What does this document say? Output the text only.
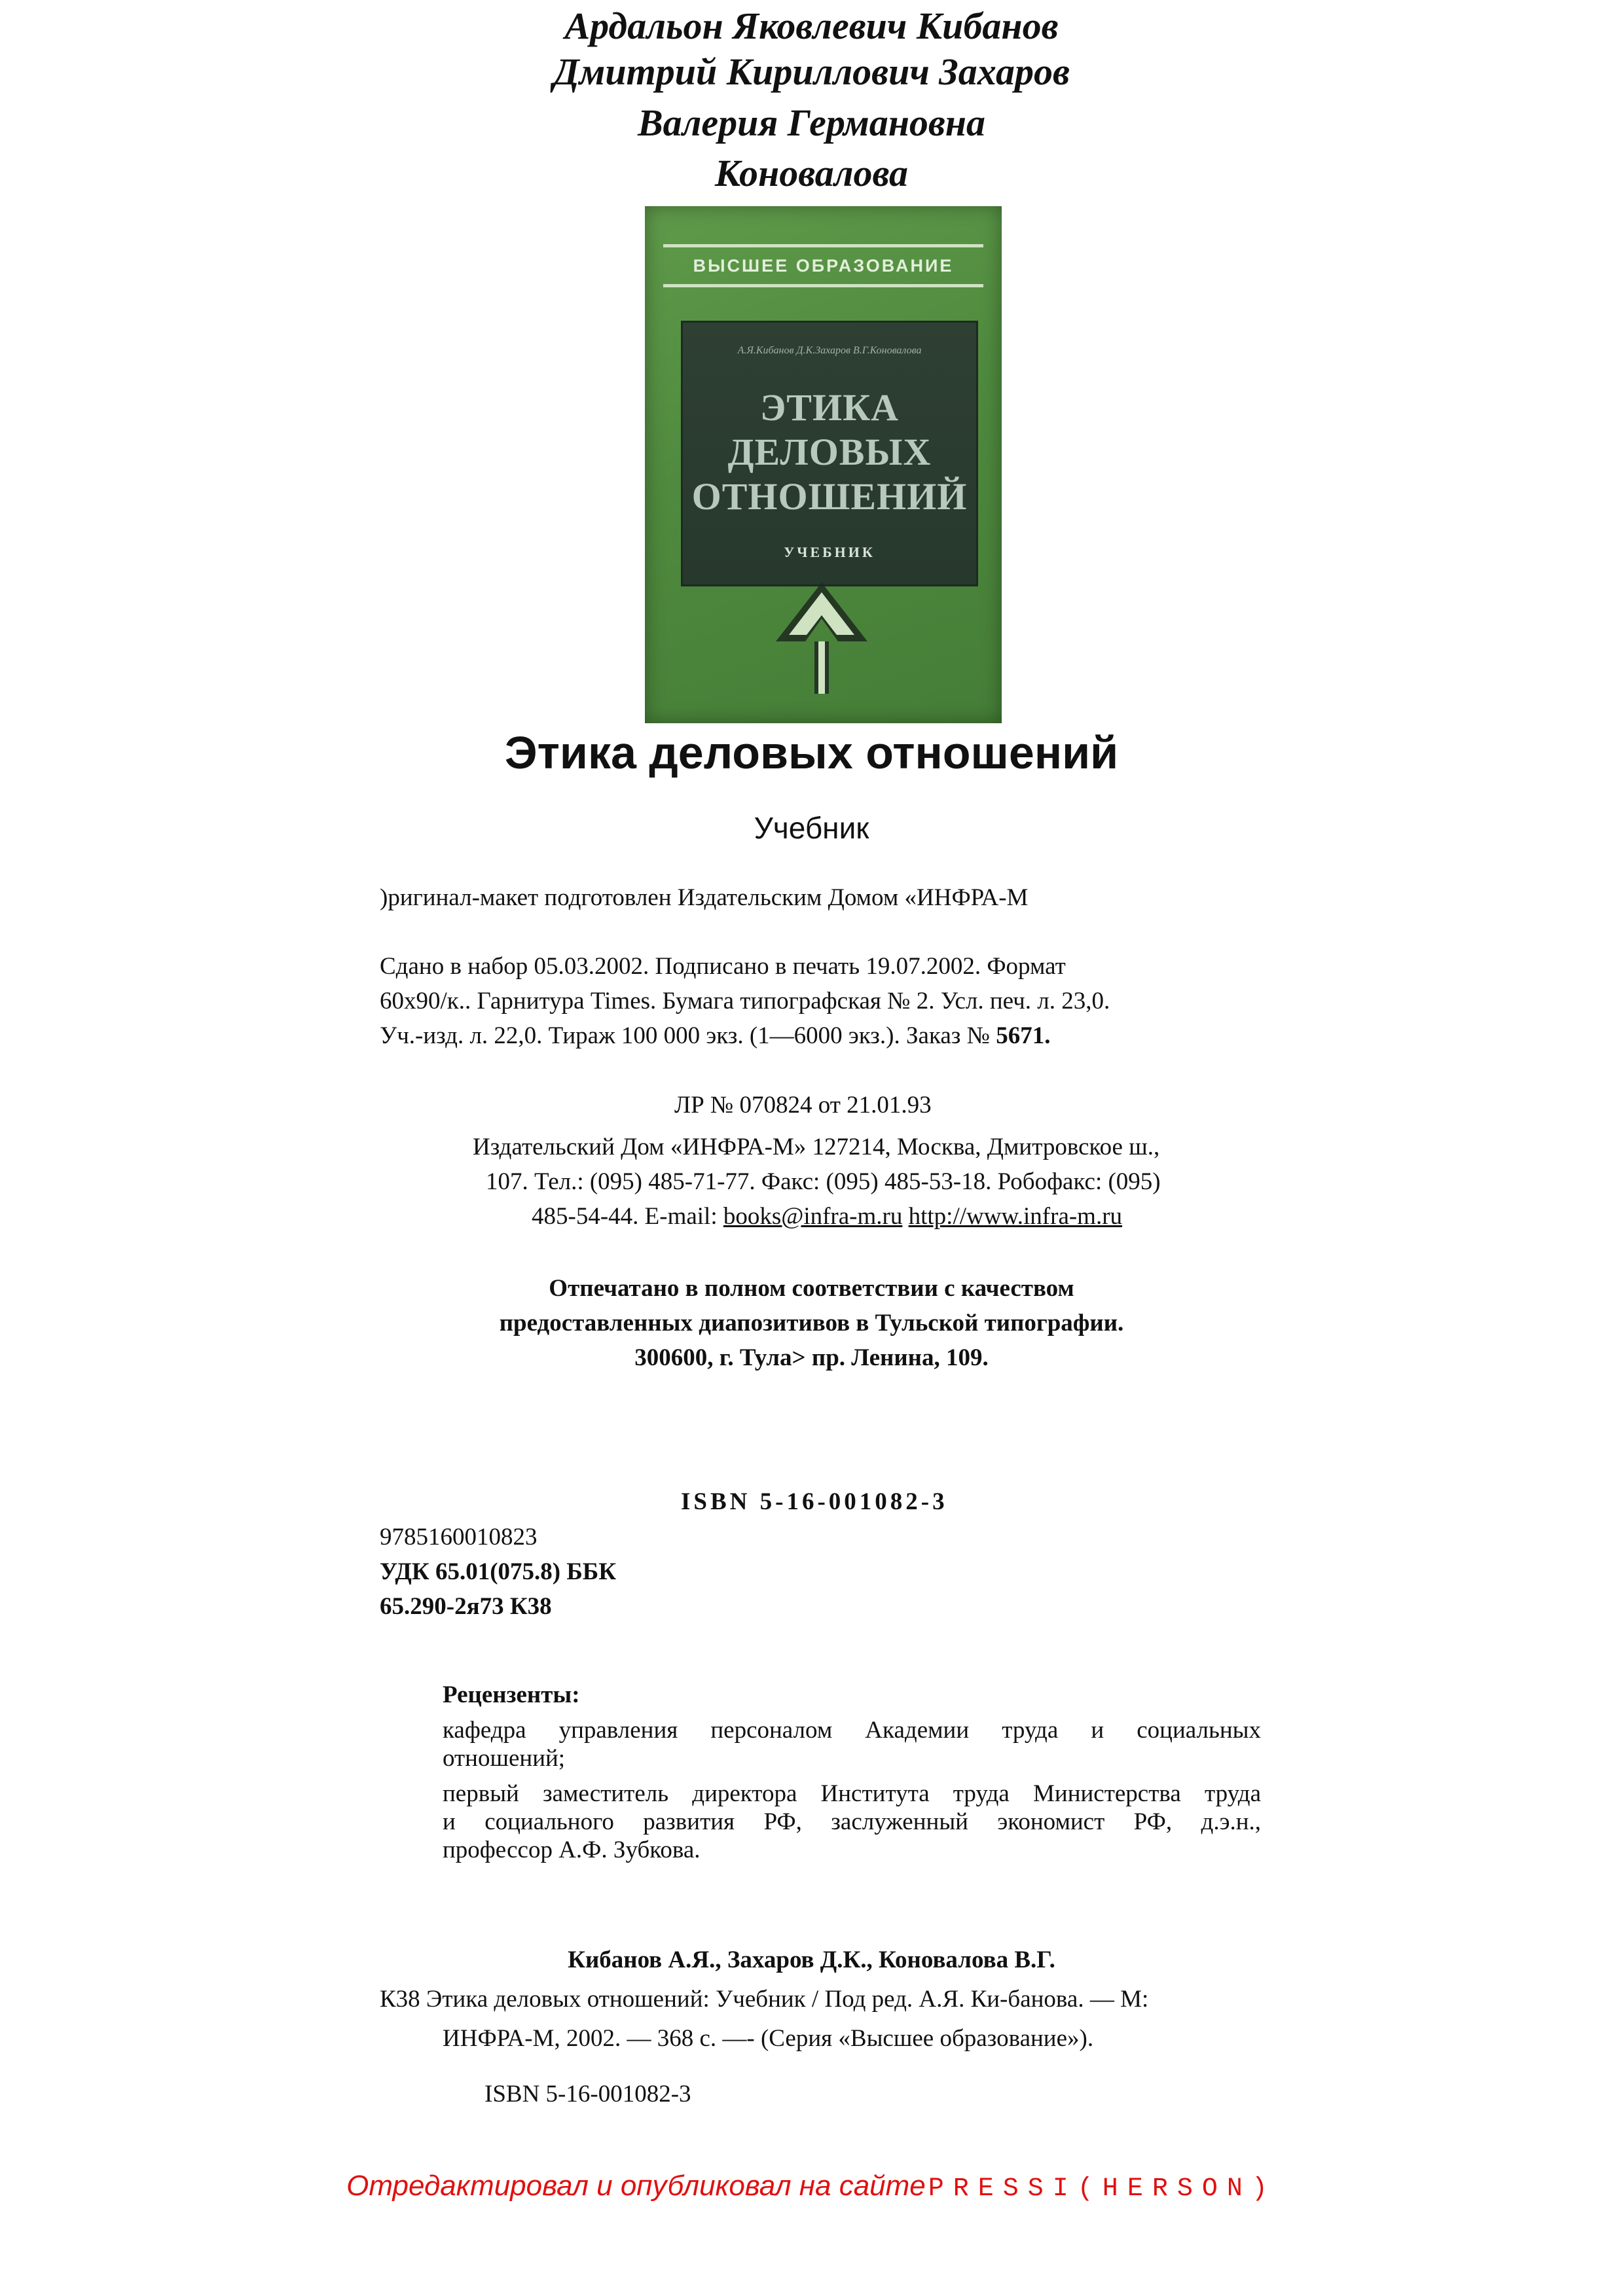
Ардальон Яковлевич Кибанов
Дмитрий Кириллович Захаров
Валерия Германовна
Коновалова
ВЫСШЕЕ ОБРАЗОВАНИЕ
А.Я.Кибанов Д.К.Захаров В.Г.Коновалова
ЭТИКА ДЕЛОВЫХ
ОТНОШЕНИЙ
УЧЕБНИК
Этика деловых отношений
Учебник
)ригинал-макет подготовлен Издательским Домом «ИНФРА-М
Сдано в набор 05.03.2002. Подписано в печать 19.07.2002. Формат
60х90/к.. Гарнитура Times. Бумага типографская № 2. Усл. печ. л. 23,0.
Уч.-изд. л. 22,0. Тираж 100 000 экз. (1—6000 экз.). Заказ № 5671.
ЛР № 070824 от 21.01.93
Издательский Дом «ИНФРА-М» 127214, Москва, Дмитровское ш.,
107. Тел.: (095) 485-71-77. Факс: (095) 485-53-18. Робофакс: (095)
485-54-44. E-mail: books@infra-m.ru http://www.infra-m.ru
Отпечатано в полном соответствии с качеством
предоставленных диапозитивов в Тульской типографии.
300600, г. Тула> пр. Ленина, 109.
ISBN 5-16-001082-3
9785160010823
УДК 65.01(075.8) ББК
65.290-2я73 К38
Рецензенты:
кафедра управления персоналом Академии труда и социальных
отношений;
первый заместитель директора Института труда Министерства труда
и социального развития РФ, заслуженный экономист РФ, д.э.н.,
профессор А.Ф. Зубкова.
Кибанов А.Я., Захаров Д.К., Коновалова В.Г.
К38 Этика деловых отношений: Учебник / Под ред. А.Я. Ки-банова. — М:
ИНФРА-М, 2002. — 368 с. —- (Серия «Высшее образование»).
ISBN 5-16-001082-3
Отредактировал и опубликовал на сайте PRESSI(HERSON)
